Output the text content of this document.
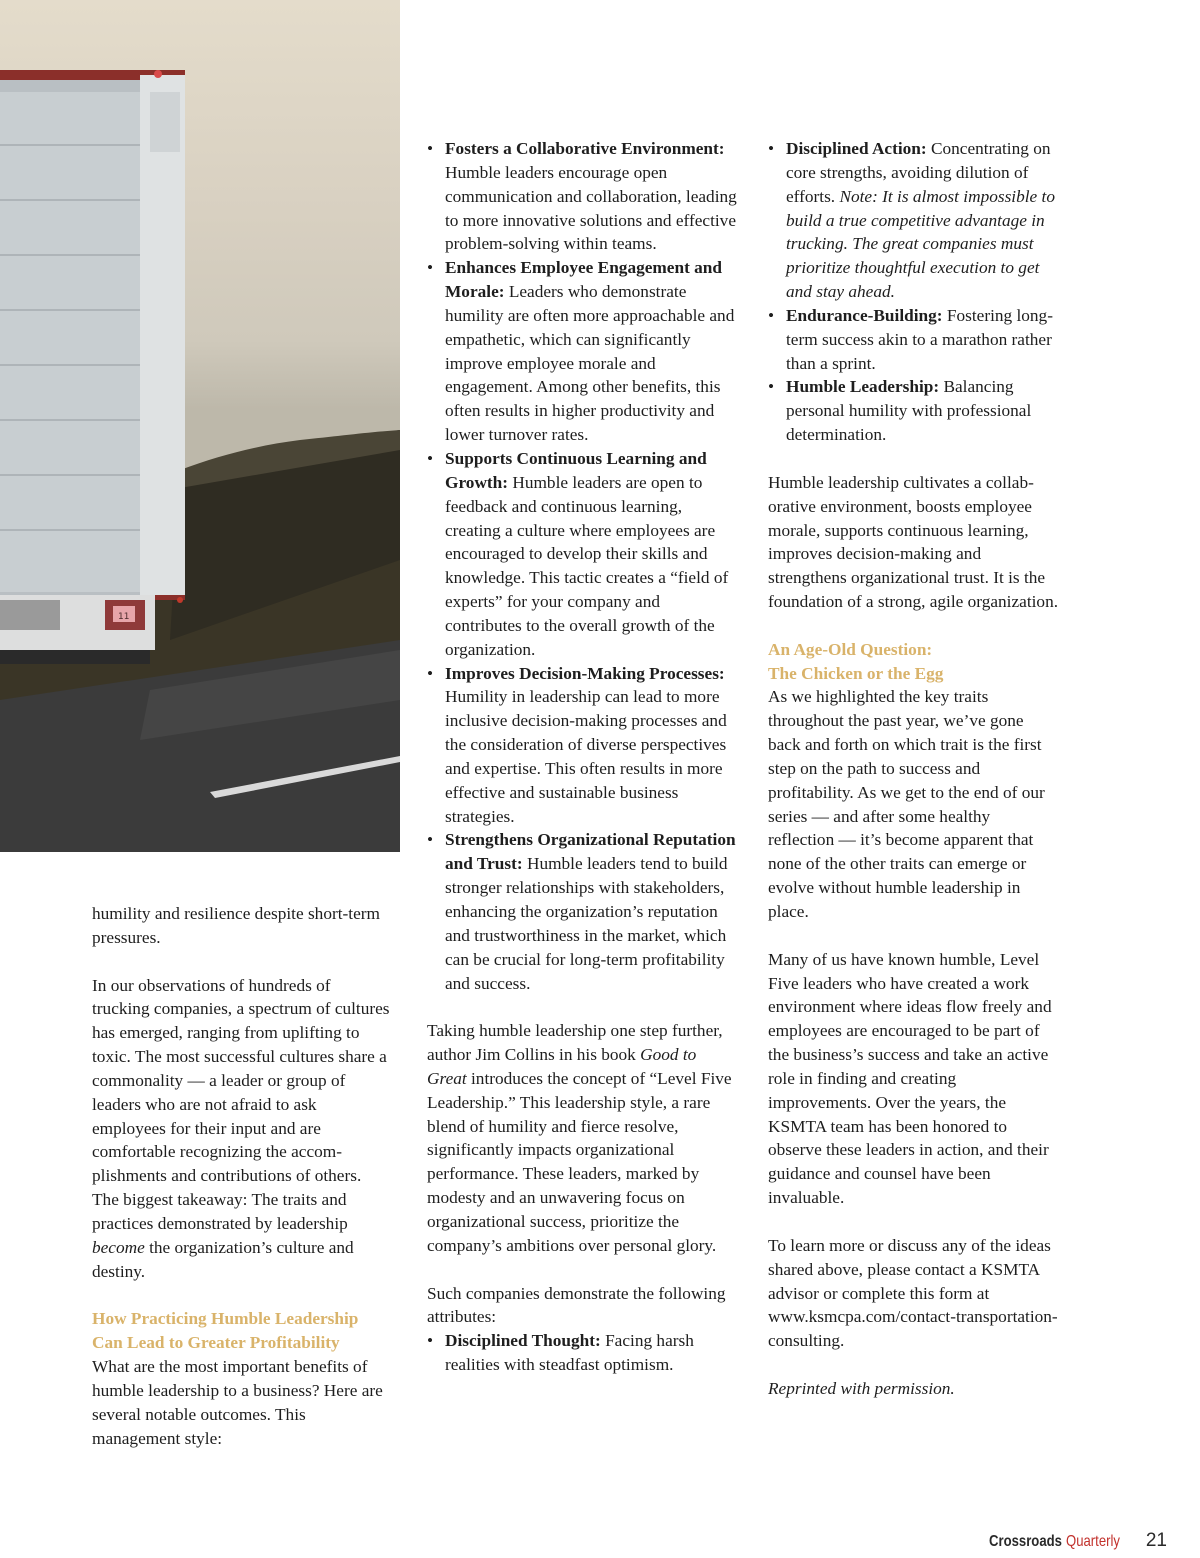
11

humility and resilience despite short-term pressures.

In our observations of hundreds of trucking companies, a spectrum of cultures has emerged, ranging from uplifting to toxic. The most successful cultures share a commonality — a leader or group of leaders who are not afraid to ask employees for their input and are comfortable recognizing the accomplishments and contributions of others. The biggest takeaway: The traits and practices demonstrated by leadership become the organization’s culture and destiny.

How Practicing Humble Leadership
Can Lead to Greater Profitability

What are the most important benefits of humble leadership to a business? Here are several notable outcomes. This management style:

• Fosters a Collaborative Environment: Humble leaders encourage open communication and collaboration, leading to more innovative solutions and effective problem-solving within teams.
• Enhances Employee Engagement and Morale: Leaders who demonstrate humility are often more approachable and empathetic, which can significantly improve employee morale and engagement. Among other benefits, this often results in higher productivity and lower turnover rates.
• Supports Continuous Learning and Growth: Humble leaders are open to feedback and continuous learning, creating a culture where employees are encouraged to develop their skills and knowledge. This tactic creates a “field of experts” for your company and contributes to the overall growth of the organization.
• Improves Decision-Making Processes: Humility in leadership can lead to more inclusive decision-making processes and the consideration of diverse perspectives and expertise. This often results in more effective and sustainable business strategies.
• Strengthens Organizational Reputation and Trust: Humble leaders tend to build stronger relationships with stakeholders, enhancing the organization’s reputation and trustworthiness in the market, which can be crucial for long-term profitability and success.

Taking humble leadership one step further, author Jim Collins in his book Good to Great introduces the concept of “Level Five Leadership.” This leadership style, a rare blend of humility and fierce resolve, significantly impacts organizational performance. These leaders, marked by modesty and an unwavering focus on organizational success, prioritize the company’s ambitions over personal glory.

Such companies demonstrate the following attributes:

• Disciplined Thought: Facing harsh realities with steadfast optimism.
• Disciplined Action: Concentrating on core strengths, avoiding dilution of efforts. Note: It is almost impossible to build a true competitive advantage in trucking. The great companies must prioritize thoughtful execution to get and stay ahead.
• Endurance-Building: Fostering long-term success akin to a marathon rather than a sprint.
• Humble Leadership: Balancing personal humility with professional determination.

Humble leadership cultivates a collaborative environment, boosts employee morale, supports continuous learning, improves decision-making and strengthens organizational trust. It is the foundation of a strong, agile organization.

An Age-Old Question:
The Chicken or the Egg

As we highlighted the key traits throughout the past year, we’ve gone back and forth on which trait is the first step on the path to success and profitability. As we get to the end of our series — and after some healthy reflection — it’s become apparent that none of the other traits can emerge or evolve without humble leadership in place.

Many of us have known humble, Level Five leaders who have created a work environment where ideas flow freely and employees are encouraged to be part of the business’s success and take an active role in finding and creating improvements. Over the years, the KSMTA team has been honored to observe these leaders in action, and their guidance and counsel have been invaluable.

To learn more or discuss any of the ideas shared above, please contact a KSMTA advisor or complete this form at www.ksmcpa.com/contact-transportation-consulting.

Reprinted with permission.

Crossroads Quarterly 21
